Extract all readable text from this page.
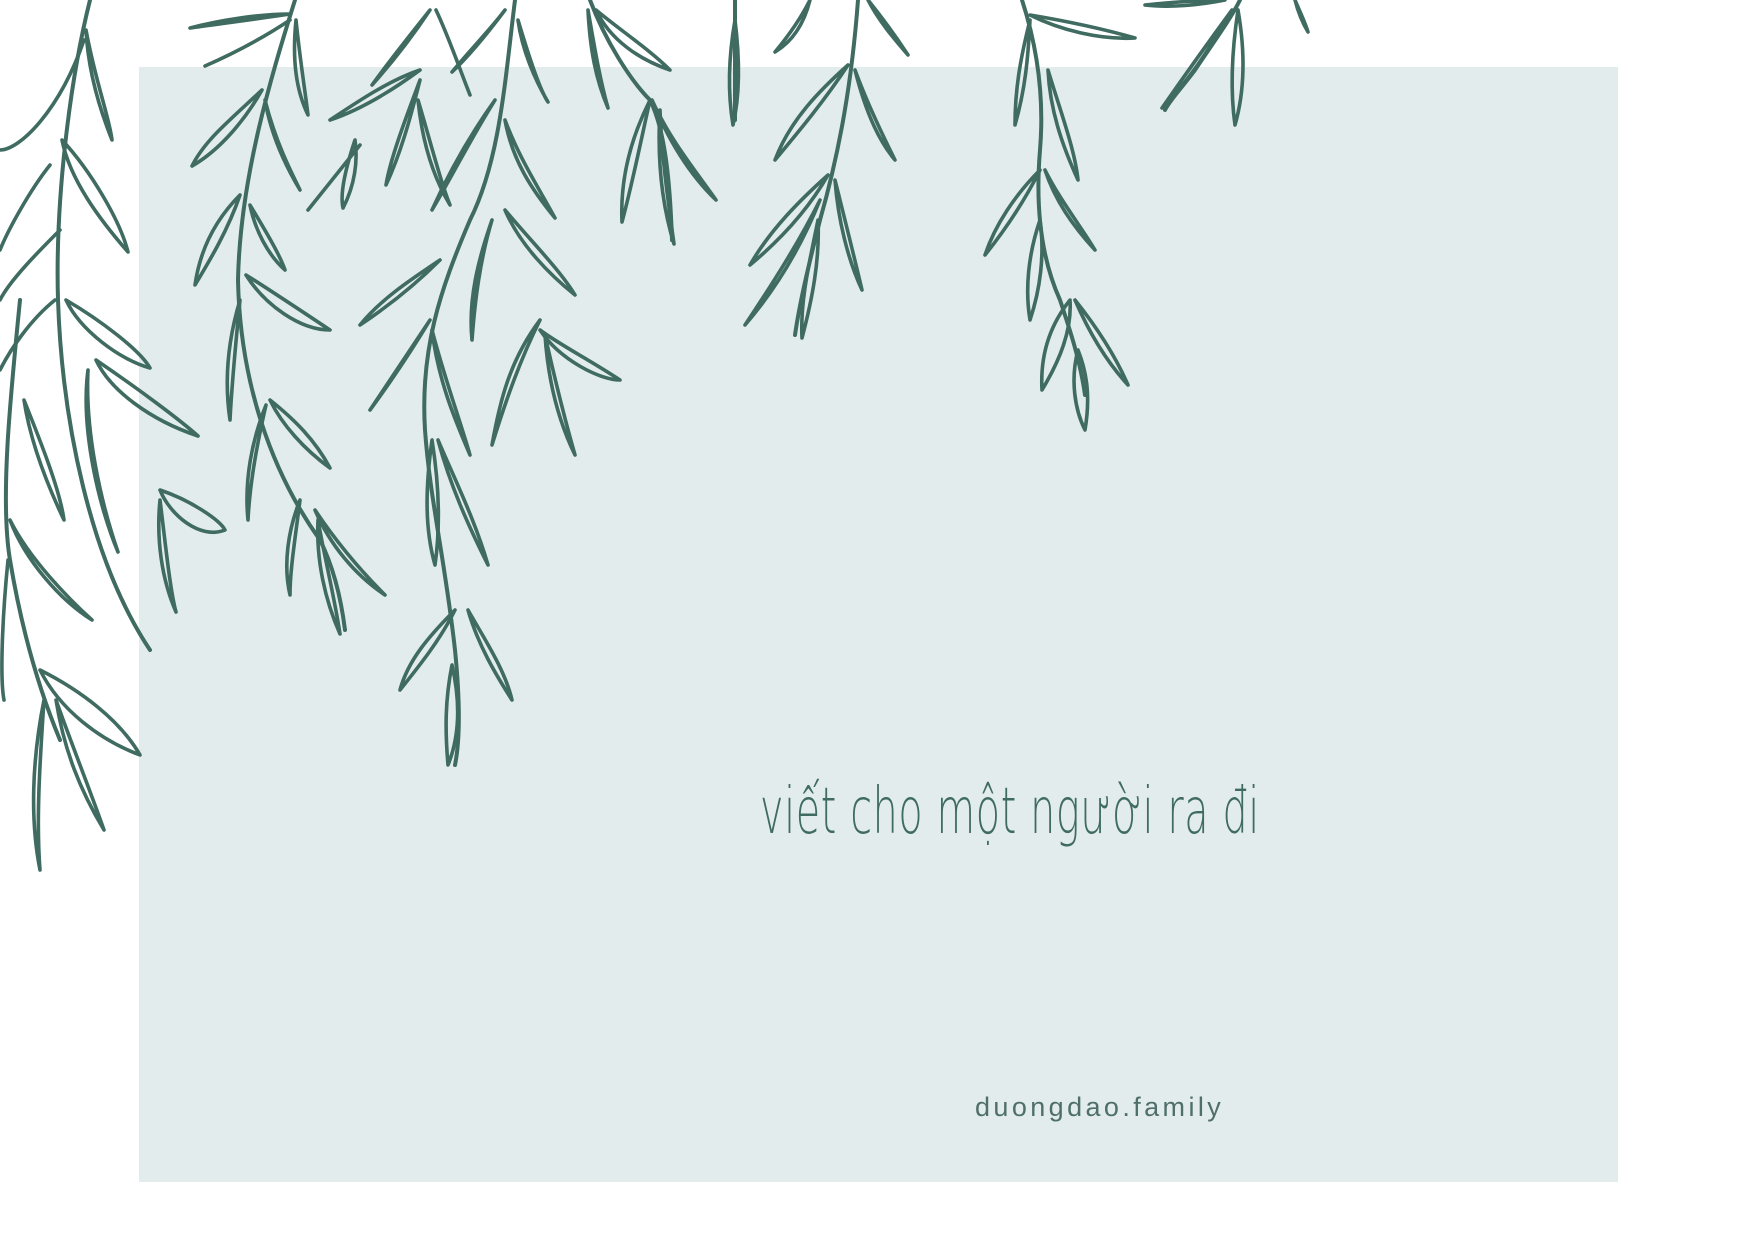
viết cho một người ra đi
duongdao.family
